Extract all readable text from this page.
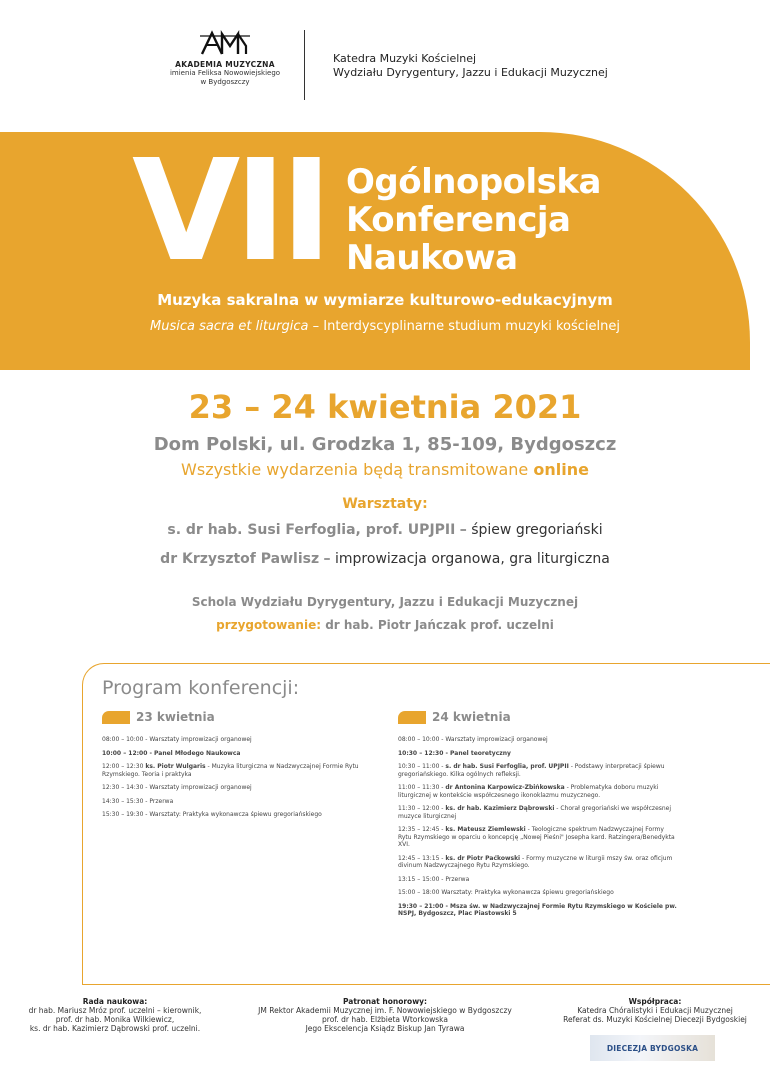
AKADEMIA MUZYCZNA
imienia Feliksa Nowowiejskiego
w Bydgoszczy
Katedra Muzyki Kościelnej
Wydziału Dyrygentury, Jazzu i Edukacji Muzycznej
VII Ogólnopolska
Konferencja
Naukowa
Muzyka sakralna w wymiarze kulturowo-edukacyjnym
Musica sacra et liturgica – Interdyscyplinarne studium muzyki kościelnej
23 – 24 kwietnia 2021
Dom Polski, ul. Grodzka 1, 85-109, Bydgoszcz
Wszystkie wydarzenia będą transmitowane online
Warsztaty:
s. dr hab. Susi Ferfoglia, prof. UPJPII – śpiew gregoriański
dr Krzysztof Pawlisz – improwizacja organowa, gra liturgiczna
Schola Wydziału Dyrygentury, Jazzu i Edukacji Muzycznej
przygotowanie: dr hab. Piotr Jańczak prof. uczelni
Program konferencji:
23 kwietnia
08:00 – 10:00 - Warsztaty improwizacji organowej
10:00 – 12:00 - Panel Młodego Naukowca
12:00 – 12:30 ks. Piotr Wulgaris - Muzyka liturgiczna w Nadzwyczajnej Formie Rytu Rzymskiego. Teoria i praktyka
12:30 – 14:30 - Warsztaty improwizacji organowej
14:30 – 15:30 - Przerwa
15:30 – 19:30 - Warsztaty: Praktyka wykonawcza śpiewu gregoriańskiego
24 kwietnia
08:00 – 10:00 - Warsztaty improwizacji organowej
10:30 – 12:30 - Panel teoretyczny
10:30 – 11:00 - s. dr hab. Susi Ferfoglia, prof. UPJPII - Podstawy interpretacji śpiewu gregoriańskiego. Kilka ogólnych refleksji.
11:00 – 11:30 - dr Antonina Karpowicz-Zbińkowska - Problematyka doboru muzyki liturgicznej w kontekście współczesnego ikonoklazmu muzycznego.
11:30 – 12:00 - ks. dr hab. Kazimierz Dąbrowski - Chorał gregoriański we współczesnej muzyce liturgicznej
12:35 – 12:45 - ks. Mateusz Ziemlewski - Teologiczne spektrum Nadzwyczajnej Formy Rytu Rzymskiego w oparciu o koncepcję „Nowej Pieśni" Josepha kard. Ratzingera/Benedykta XVI.
12:45 – 13:15 - ks. dr Piotr Paćkowski - Formy muzyczne w liturgii mszy św. oraz oficjum divinum Nadzwyczajnego Rytu Rzymskiego.
13:15 – 15:00 - Przerwa
15:00 – 18:00 Warsztaty: Praktyka wykonawcza śpiewu gregoriańskiego
19:30 – 21:00 - Msza św. w Nadzwyczajnej Formie Rytu Rzymskiego w Kościele pw. NSPJ, Bydgoszcz, Plac Piastowski 5
Rada naukowa:
dr hab. Mariusz Mróz prof. uczelni – kierownik,
prof. dr hab. Monika Wilkiewicz,
ks. dr hab. Kazimierz Dąbrowski prof. uczelni.
Patronat honorowy:
JM Rektor Akademii Muzycznej im. F. Nowowiejskiego w Bydgoszczy
prof. dr hab. Elżbieta Wtorkowska
Jego Ekscelencja Ksiądz Biskup Jan Tyrawa
Współpraca:
Katedra Chóralistyki i Edukacji Muzycznej
Referat ds. Muzyki Kościelnej Diecezji Bydgoskiej
DIECEZJA BYDGOSKA
